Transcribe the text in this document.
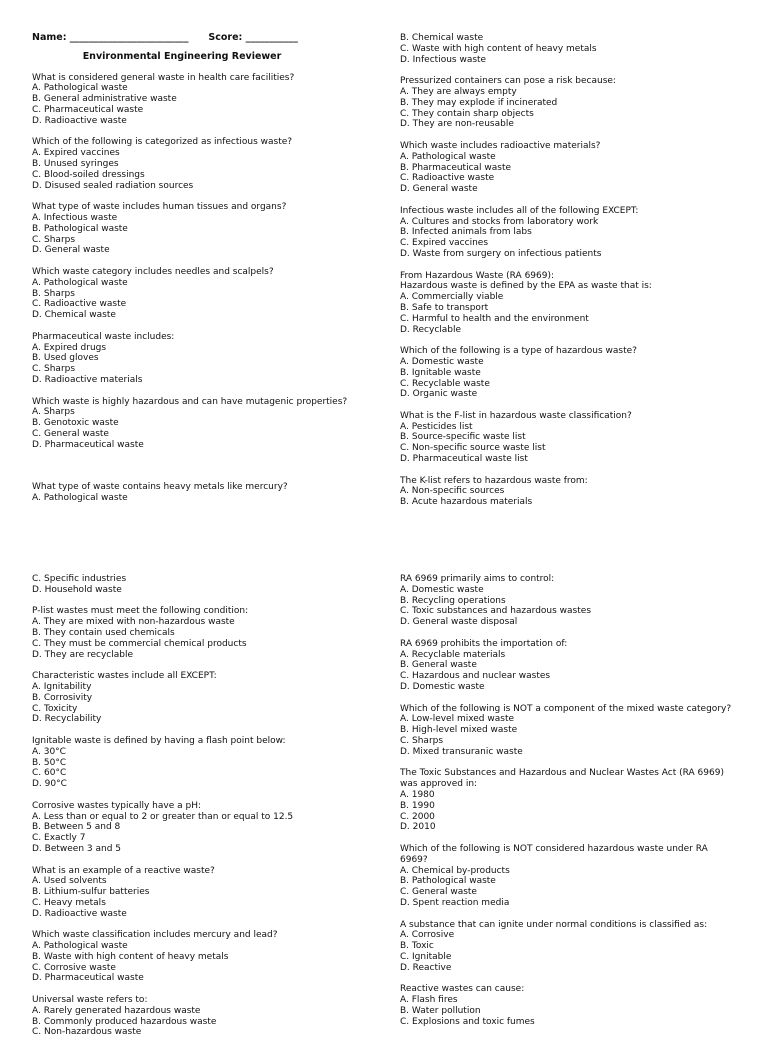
Name: _________________________ Score: ___________
Environmental Engineering Reviewer
What is considered general waste in health care facilities?
A. Pathological waste
B. General administrative waste
C. Pharmaceutical waste
D. Radioactive waste
Which of the following is categorized as infectious waste?
A. Expired vaccines
B. Unused syringes
C. Blood-soiled dressings
D. Disused sealed radiation sources
What type of waste includes human tissues and organs?
A. Infectious waste
B. Pathological waste
C. Sharps
D. General waste
Which waste category includes needles and scalpels?
A. Pathological waste
B. Sharps
C. Radioactive waste
D. Chemical waste
Pharmaceutical waste includes:
A. Expired drugs
B. Used gloves
C. Sharps
D. Radioactive materials
Which waste is highly hazardous and can have mutagenic properties?
A. Sharps
B. Genotoxic waste
C. General waste
D. Pharmaceutical waste
What type of waste contains heavy metals like mercury?
A. Pathological waste
B. Chemical waste
C. Waste with high content of heavy metals
D. Infectious waste
Pressurized containers can pose a risk because:
A. They are always empty
B. They may explode if incinerated
C. They contain sharp objects
D. They are non-reusable
Which waste includes radioactive materials?
A. Pathological waste
B. Pharmaceutical waste
C. Radioactive waste
D. General waste
Infectious waste includes all of the following EXCEPT:
A. Cultures and stocks from laboratory work
B. Infected animals from labs
C. Expired vaccines
D. Waste from surgery on infectious patients
From Hazardous Waste (RA 6969):
Hazardous waste is defined by the EPA as waste that is:
A. Commercially viable
B. Safe to transport
C. Harmful to health and the environment
D. Recyclable
Which of the following is a type of hazardous waste?
A. Domestic waste
B. Ignitable waste
C. Recyclable waste
D. Organic waste
What is the F-list in hazardous waste classification?
A. Pesticides list
B. Source-specific waste list
C. Non-specific source waste list
D. Pharmaceutical waste list
The K-list refers to hazardous waste from:
A. Non-specific sources
B. Acute hazardous materials
C. Specific industries
D. Household waste
P-list wastes must meet the following condition:
A. They are mixed with non-hazardous waste
B. They contain used chemicals
C. They must be commercial chemical products
D. They are recyclable
Characteristic wastes include all EXCEPT:
A. Ignitability
B. Corrosivity
C. Toxicity
D. Recyclability
Ignitable waste is defined by having a flash point below:
A. 30°C
B. 50°C
C. 60°C
D. 90°C
Corrosive wastes typically have a pH:
A. Less than or equal to 2 or greater than or equal to 12.5
B. Between 5 and 8
C. Exactly 7
D. Between 3 and 5
What is an example of a reactive waste?
A. Used solvents
B. Lithium-sulfur batteries
C. Heavy metals
D. Radioactive waste
Which waste classification includes mercury and lead?
A. Pathological waste
B. Waste with high content of heavy metals
C. Corrosive waste
D. Pharmaceutical waste
Universal waste refers to:
A. Rarely generated hazardous waste
B. Commonly produced hazardous waste
C. Non-hazardous waste
RA 6969 primarily aims to control:
A. Domestic waste
B. Recycling operations
C. Toxic substances and hazardous wastes
D. General waste disposal
RA 6969 prohibits the importation of:
A. Recyclable materials
B. General waste
C. Hazardous and nuclear wastes
D. Domestic waste
Which of the following is NOT a component of the mixed waste category?
A. Low-level mixed waste
B. High-level mixed waste
C. Sharps
D. Mixed transuranic waste
The Toxic Substances and Hazardous and Nuclear Wastes Act (RA 6969) was approved in:
A. 1980
B. 1990
C. 2000
D. 2010
Which of the following is NOT considered hazardous waste under RA 6969?
A. Chemical by-products
B. Pathological waste
C. General waste
D. Spent reaction media
A substance that can ignite under normal conditions is classified as:
A. Corrosive
B. Toxic
C. Ignitable
D. Reactive
Reactive wastes can cause:
A. Flash fires
B. Water pollution
C. Explosions and toxic fumes
